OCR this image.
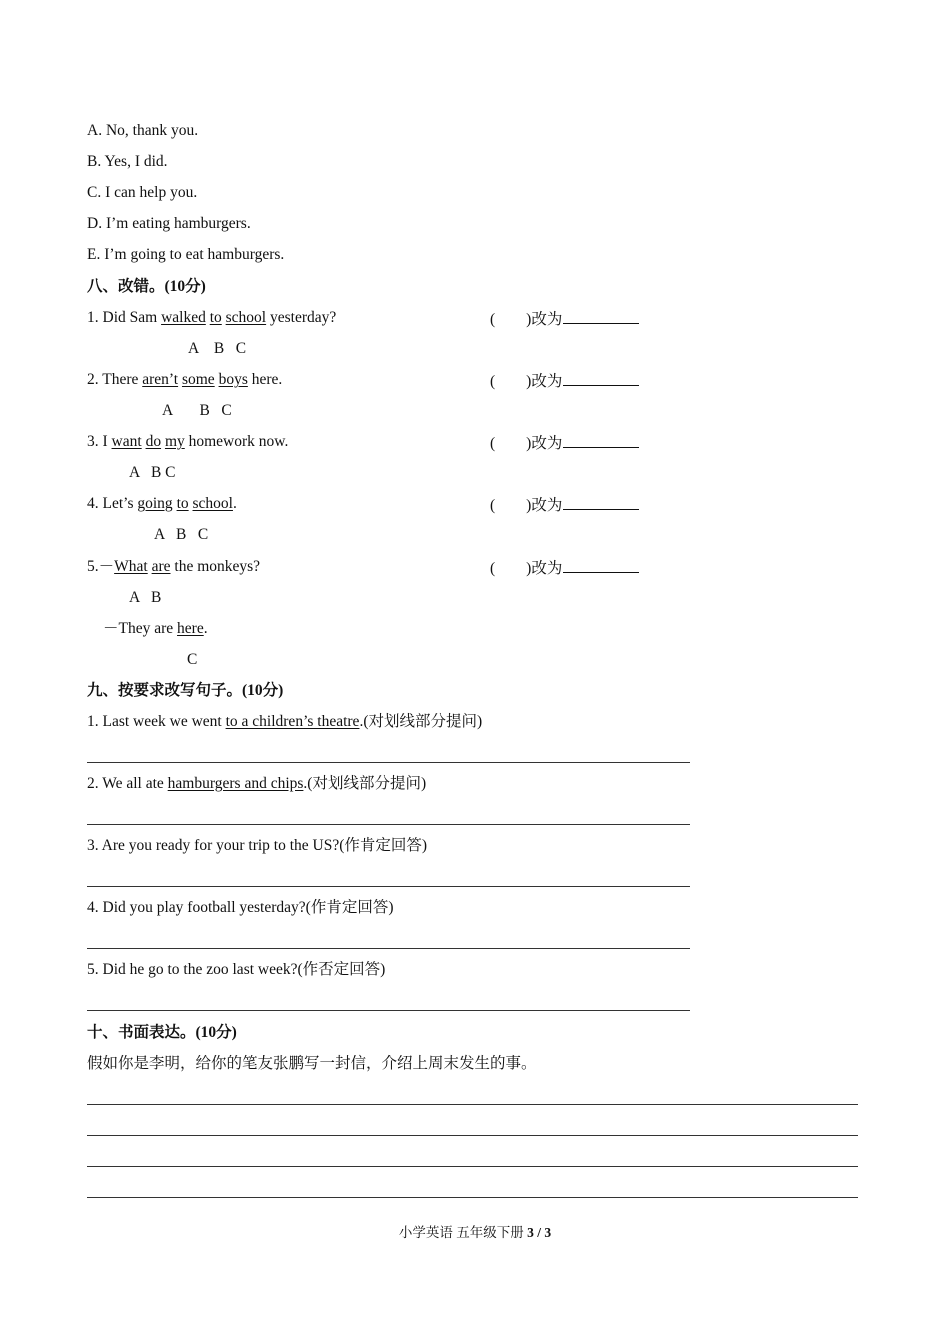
A. No, thank you.
B. Yes, I did.
C. I can help you.
D. I’m eating hamburgers.
E. I’m going to eat hamburgers.
八、改错。(10分)
1. Did Sam walked to school yesterday?	(　　)改为
A    B   C
2. There aren’t some boys here.	(　　)改为
A       B   C
3. I want do my homework now.	(　　)改为
A   B C
4. Let’s going to school.	(　　)改为
A   B   C
5.－What are the monkeys?	(　　)改为
A   B
－They are here.
C
九、按要求改写句子。(10分)
1. Last week we went to a children’s theatre.(对划线部分提问)
2. We all ate hamburgers and chips.(对划线部分提问)
3. Are you ready for your trip to the US?(作肯定回答)
4. Did you play football yesterday?(作肯定回答)
5. Did he go to the zoo last week?(作否定回答)
十、书面表达。(10分)
假如你是李明，给你的笔友张鹏写一封信，介绍上周末发生的事。
小学英语 五年级下册 3 / 3
